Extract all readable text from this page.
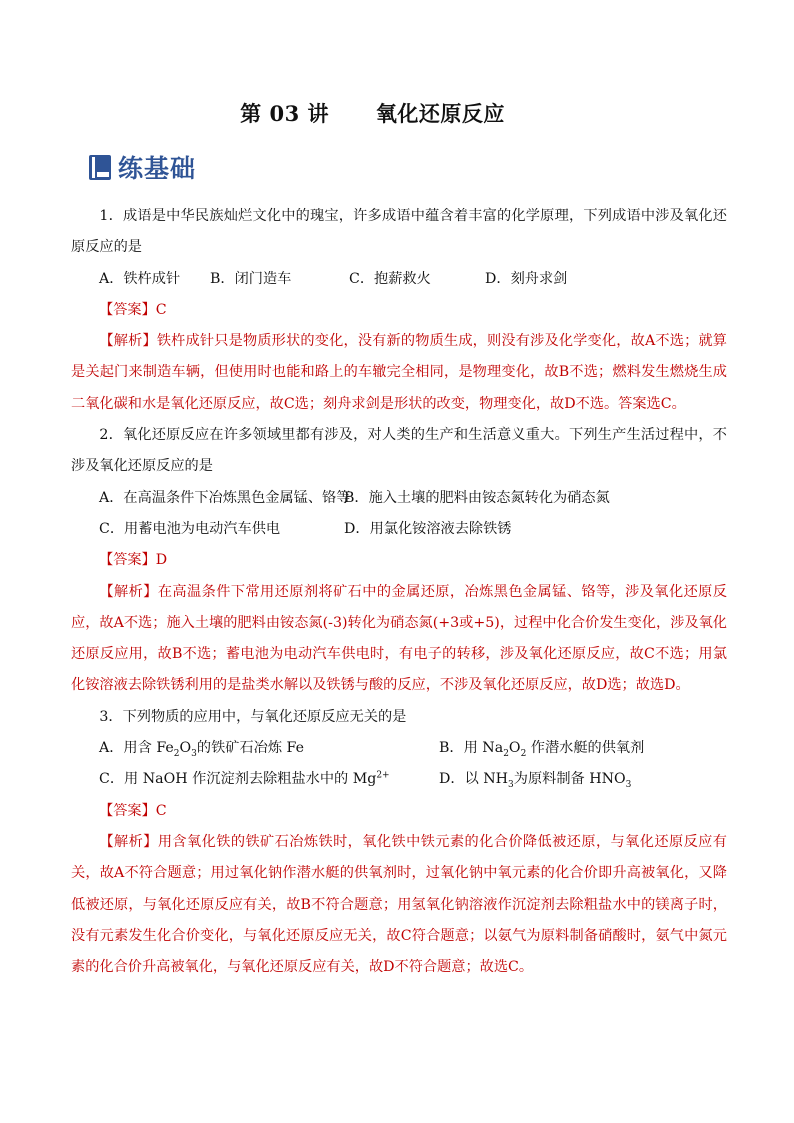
第 03 讲      氧化还原反应
练基础

1．成语是中华民族灿烂文化中的瑰宝，许多成语中蕴含着丰富的化学原理，下列成语中涉及氧化还原反应的是

A．铁杵成针 B．闭门造车	C．抱薪救火	D．刻舟求剑

【答案】C

【解析】铁杵成针只是物质形状的变化，没有新的物质生成，则没有涉及化学变化，故A不选；就算是关起门来制造车辆，但使用时也能和路上的车辙完全相同，是物理变化，故B不选；燃料发生燃烧生成二氧化碳和水是氧化还原反应，故C选；刻舟求剑是形状的改变，物理变化，故D不选。答案选C。

2．氧化还原反应在许多领域里都有涉及，对人类的生产和生活意义重大。下列生产生活过程中，不涉及氧化还原反应的是

A．在高温条件下冶炼黑色金属锰、铬等
B．施入土壤的肥料由铵态氮转化为硝态氮
C．用蓄电池为电动汽车供电	D．用氯化铵溶液去除铁锈

【答案】D

【解析】在高温条件下常用还原剂将矿石中的金属还原，冶炼黑色金属锰、铬等，涉及氧化还原反应，故A不选；施入土壤的肥料由铵态氮(-3)转化为硝态氮(+3或+5)，过程中化合价发生变化，涉及氧化还原反应用，故B不选；蓄电池为电动汽车供电时，有电子的转移，涉及氧化还原反应，故C不选；用氯化铵溶液去除铁锈利用的是盐类水解以及铁锈与酸的反应，不涉及氧化还原反应，故D选；故选D。

3．下列物质的应用中，与氧化还原反应无关的是

A．用含 $Fe_2O_3$的铁矿石冶炼 Fe	B．用 $Na_2O_2$ 作潜水艇的供氧剂
C．用 NaOH 作沉淀剂去除粗盐水中的 $Mg^{2+}$	D．以 $NH_3$为原料制备 $HNO_3$

【答案】C

【解析】用含氧化铁的铁矿石冶炼铁时，氧化铁中铁元素的化合价降低被还原，与氧化还原反应有关，故A不符合题意；用过氧化钠作潜水艇的供氧剂时，过氧化钠中氧元素的化合价即升高被氧化，又降低被还原，与氧化还原反应有关，故B不符合题意；用氢氧化钠溶液作沉淀剂去除粗盐水中的镁离子时，没有元素发生化合价变化，与氧化还原反应无关，故C符合题意；以氨气为原料制备硝酸时，氨气中氮元素的化合价升高被氧化，与氧化还原反应有关，故D不符合题意；故选C。
